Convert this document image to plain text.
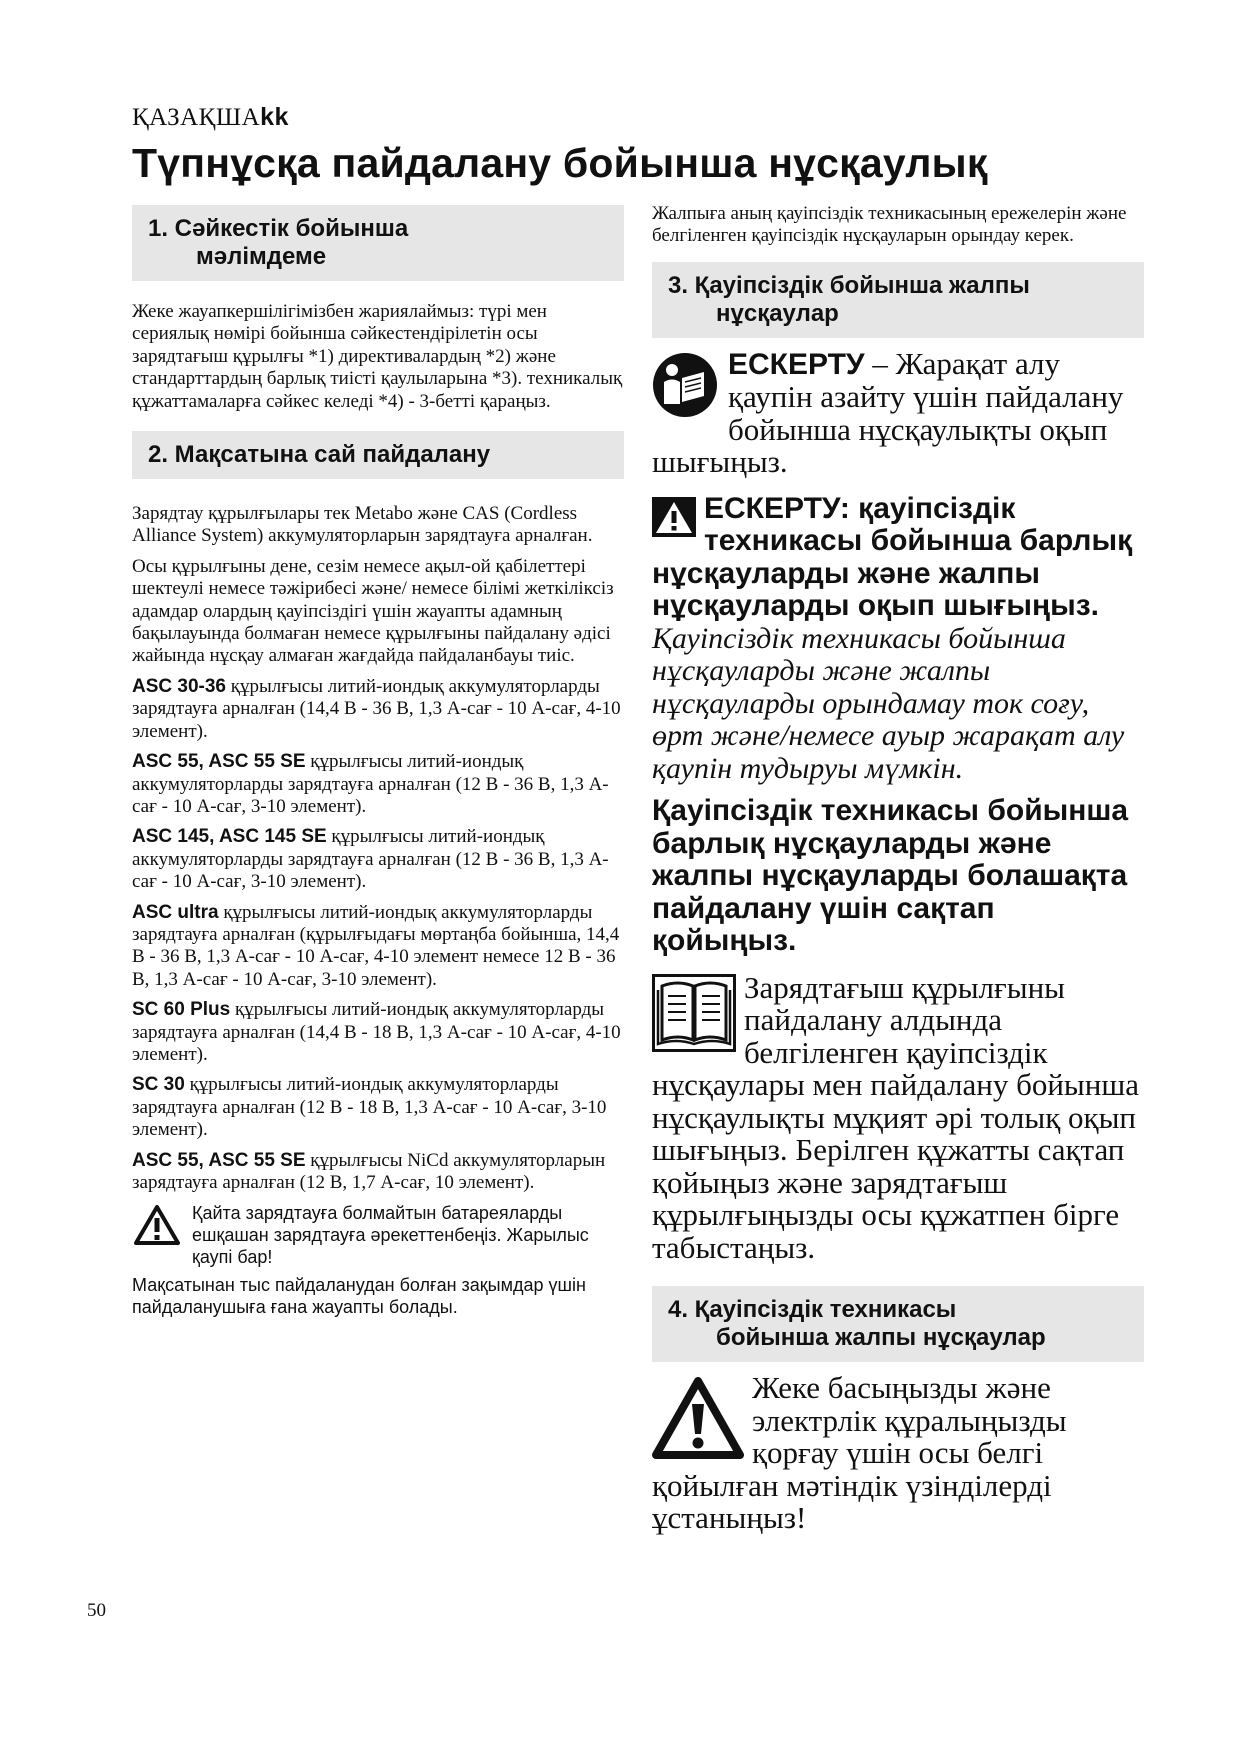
ҚАЗАҚШАkk
Түпнұсқа пайдалану бойынша нұсқаулық
1. Сәйкестік бойынша
мәлімдеме

Жеке жауапкершілігімізбен жариялаймыз: түрі мен сериялық нөмірі бойынша сәйкестендірілетін осы зарядтағыш құрылғы *1) директивалардың *2) және стандарттардың барлық тиісті қаулыларына *3). техникалық құжаттамаларға сәйкес келеді *4) - 3-бетті қараңыз.

2. Мақсатына сай пайдалану

Зарядтау құрылғылары тек Metabo және CAS (Cordless Alliance System) аккумуляторларын зарядтауға арналған.

Осы құрылғыны дене, сезім немесе ақыл-ой қабілеттері шектеулі немесе тәжірибесі және/ немесе білімі жеткіліксіз адамдар олардың қауіпсіздігі үшін жауапты адамның бақылауында болмаған немесе құрылғыны пайдалану әдісі жайында нұсқау алмаған жағдайда пайдаланбауы тиіс.

ASC 30-36 құрылғысы литий-иондық аккумуляторларды зарядтауға арналған (14,4 В - 36 В, 1,3 А-сағ - 10 А-сағ, 4-10 элемент).

ASC 55, ASC 55 SE құрылғысы литий-иондық аккумуляторларды зарядтауға арналған (12 В - 36 В, 1,3 А-сағ - 10 А-сағ, 3-10 элемент).

ASC 145, ASC 145 SE құрылғысы литий-иондық аккумуляторларды зарядтауға арналған (12 В - 36 В, 1,3 А-сағ - 10 А-сағ, 3-10 элемент).

ASC ultra құрылғысы литий-иондық аккумуляторларды зарядтауға арналған (құрылғыдағы мөртаңба бойынша, 14,4 В - 36 В, 1,3 А-сағ - 10 А-сағ, 4-10 элемент немесе 12 В - 36 В, 1,3 А-сағ - 10 А-сағ, 3-10 элемент).

SC 60 Plus құрылғысы литий-иондық аккумуляторларды зарядтауға арналған (14,4 В - 18 В, 1,3 А-сағ - 10 А-сағ, 4-10 элемент).

SC 30 құрылғысы литий-иондық аккумуляторларды зарядтауға арналған (12 В - 18 В, 1,3 А-сағ - 10 А-сағ, 3-10 элемент).

ASC 55, ASC 55 SE құрылғысы NiCd аккумуляторларын зарядтауға арналған (12 В, 1,7 А-сағ, 10 элемент).

Қайта зарядтауға болмайтын батареяларды ешқашан зарядтауға әрекеттенбеңіз. Жарылыс қаупі бар!

Мақсатынан тыс пайдаланудан болған зақымдар үшін пайдаланушыға ғана жауапты болады.

Жалпыға аның қауіпсіздік техникасының ережелерін және белгіленген қауіпсіздік нұсқауларын орындау керек.

3. Қауіпсіздік бойынша жалпы
нұсқаулар
ЕСКЕРТУ – Жарақат алу қаупін азайту үшін пайдалану бойынша нұсқаулықты оқып шығыңыз.
ЕСКЕРТУ: қауіпсіздік техникасы бойынша барлық нұсқауларды және жалпы нұсқауларды оқып шығыңыз. Қауіпсіздік техникасы бойынша нұсқауларды және жалпы нұсқауларды орындамау ток соғу, өрт және/немесе ауыр жарақат алу қаупін тудыруы мүмкін.
Қауіпсіздік техникасы бойынша барлық нұсқауларды және жалпы нұсқауларды болашақта пайдалану үшін сақтап қойыңыз.
Зарядтағыш құрылғыны пайдалану алдында белгіленген қауіпсіздік нұсқаулары мен пайдалану бойынша нұсқаулықты мұқият әрі толық оқып шығыңыз. Берілген құжатты сақтап қойыңыз және зарядтағыш құрылғыңызды осы құжатпен бірге табыстаңыз.
4. Қауіпсіздік техникасы
бойынша жалпы нұсқаулар
Жеке басыңызды және электрлік құралыңызды қорғау үшін осы белгі қойылған мәтіндік үзінділерді ұстаныңыз!
50
